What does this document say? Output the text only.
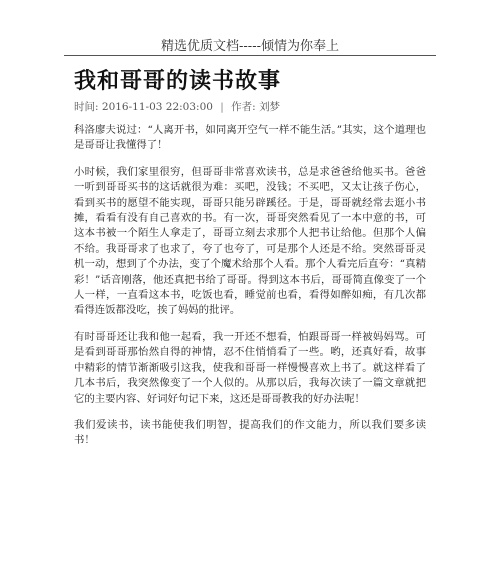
精选优质文档-----倾情为你奉上
我和哥哥的读书故事
时间: 2016-11-03 22:03:00 | 作者: 刘梦

科洛廖夫说过：“人离开书，如同离开空气一样不能生活。”其实，这个道理也是哥哥让我懂得了！

小时候，我们家里很穷，但哥哥非常喜欢读书，总是求爸爸给他买书。爸爸一听到哥哥买书的这话就很为难：买吧，没钱；不买吧，又太让孩子伤心，看到买书的愿望不能实现，哥哥只能另辟蹊径。于是，哥哥就经常去逛小书摊，看看有没有自己喜欢的书。有一次，哥哥突然看见了一本中意的书，可这本书被一个陌生人拿走了，哥哥立刻去求那个人把书让给他。但那个人偏不给。我哥哥求了也求了，夸了也夸了，可是那个人还是不给。突然哥哥灵机一动，想到了个办法，变了个魔术给那个人看。那个人看完后直夸：“真精彩！”话音刚落，他还真把书给了哥哥。得到这本书后，哥哥简直像变了一个人一样，一直看这本书，吃饭也看，睡觉前也看，看得如醉如痴，有几次都看得连饭都没吃，挨了妈妈的批评。

有时哥哥还让我和他一起看，我一开还不想看，怕跟哥哥一样被妈妈骂。可是看到哥哥那怡然自得的神情，忍不住悄悄看了一些。哟，还真好看，故事中精彩的情节渐渐吸引这我，使我和哥哥一样慢慢喜欢上书了。就这样看了几本书后，我突然像变了一个人似的。从那以后，我每次读了一篇文章就把它的主要内容、好词好句记下来，这还是哥哥教我的好办法呢！

我们爱读书，读书能使我们明智，提高我们的作文能力，所以我们要多读书！
